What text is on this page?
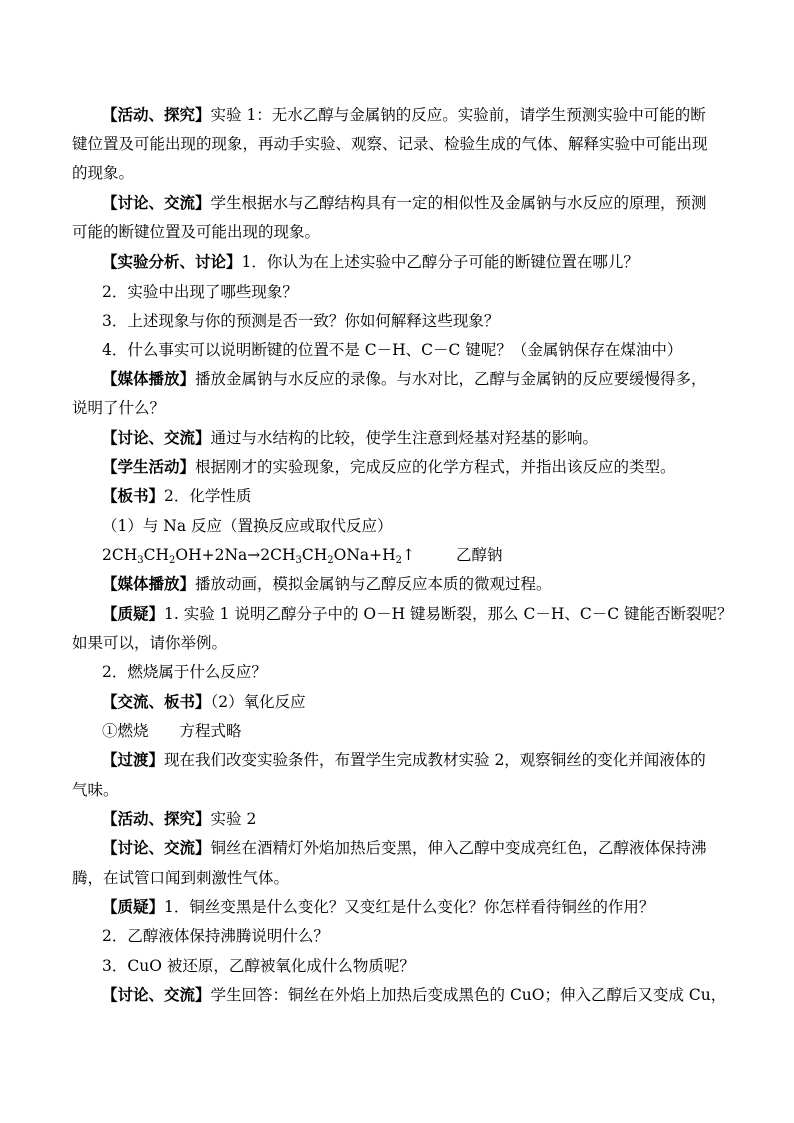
【活动、探究】实验 1：无水乙醇与金属钠的反应。实验前，请学生预测实验中可能的断
键位置及可能出现的现象，再动手实验、观察、记录、检验生成的气体、解释实验中可能出现
的现象。
【讨论、交流】学生根据水与乙醇结构具有一定的相似性及金属钠与水反应的原理，预测
可能的断键位置及可能出现的现象。
【实验分析、讨论】1．你认为在上述实验中乙醇分子可能的断键位置在哪儿？
2．实验中出现了哪些现象？
3．上述现象与你的预测是否一致？你如何解释这些现象？
4．什么事实可以说明断键的位置不是 C－H、C－C 键呢？（金属钠保存在煤油中）
【媒体播放】播放金属钠与水反应的录像。与水对比，乙醇与金属钠的反应要缓慢得多，
说明了什么？
【讨论、交流】通过与水结构的比较，使学生注意到烃基对羟基的影响。
【学生活动】根据刚才的实验现象，完成反应的化学方程式，并指出该反应的类型。
【板书】2．化学性质
（1）与 Na 反应（置换反应或取代反应）
$2CH_3CH_2OH+2Na\to 2CH_3CH_2ONa+H_2↑$	乙醇钠
【媒体播放】播放动画，模拟金属钠与乙醇反应本质的微观过程。
【质疑】1. 实验 1 说明乙醇分子中的 O－H 键易断裂，那么 C－H、C－C 键能否断裂呢？
如果可以，请你举例。
2．燃烧属于什么反应？
【交流、板书】（2）氧化反应
①燃烧　　方程式略
【过渡】现在我们改变实验条件，布置学生完成教材实验 2，观察铜丝的变化并闻液体的
气味。
【活动、探究】实验 2
【讨论、交流】铜丝在酒精灯外焰加热后变黑，伸入乙醇中变成亮红色，乙醇液体保持沸
腾，在试管口闻到刺激性气体。
【质疑】1．铜丝变黑是什么变化？又变红是什么变化？你怎样看待铜丝的作用？
2．乙醇液体保持沸腾说明什么？
3．CuO 被还原，乙醇被氧化成什么物质呢？
【讨论、交流】学生回答：铜丝在外焰上加热后变成黑色的 CuO；伸入乙醇后又变成 Cu，
